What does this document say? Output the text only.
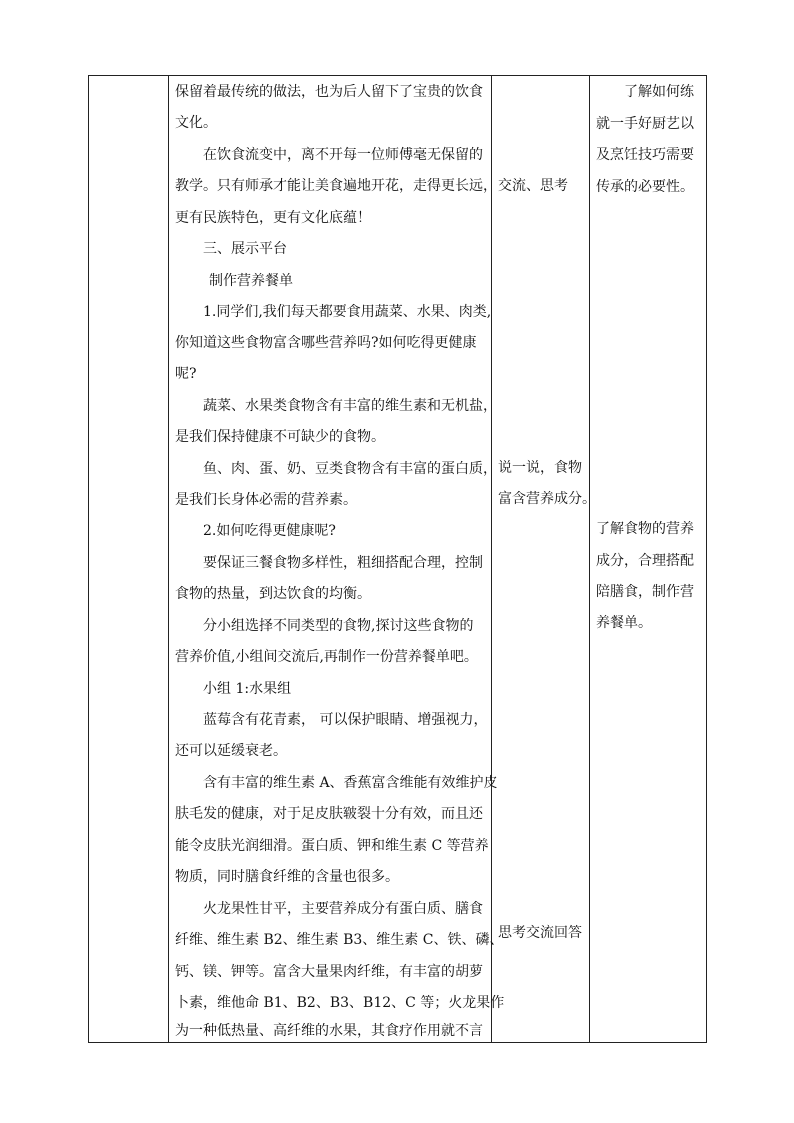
保留着最传统的做法，也为后人留下了宝贵的饮食
文化。
在饮食流变中，离不开每一位师傅毫无保留的
教学。只有师承才能让美食遍地开花，走得更长远，
更有民族特色，更有文化底蕴！
三、展示平台
制作营养餐单
1.同学们,我们每天都要食用蔬菜、水果、肉类,
你知道这些食物富含哪些营养吗?如何吃得更健康
呢?
蔬菜、水果类食物含有丰富的维生素和无机盐，
是我们保持健康不可缺少的食物。
鱼、肉、蛋、奶、豆类食物含有丰富的蛋白质，
是我们长身体必需的营养素。
2.如何吃得更健康呢?
要保证三餐食物多样性，粗细搭配合理，控制
食物的热量，到达饮食的均衡。
分小组选择不同类型的食物,探讨这些食物的
营养价值,小组间交流后,再制作一份营养餐单吧。
小组 1:水果组
蓝莓含有花青素， 可以保护眼睛、增强视力，
还可以延缓衰老。
含有丰富的维生素 A、香蕉富含维能有效维护皮
肤毛发的健康，对于足皮肤皲裂十分有效，而且还
能令皮肤光润细滑。蛋白质、钾和维生素 C 等营养
物质，同时膳食纤维的含量也很多。
火龙果性甘平，主要营养成分有蛋白质、膳食
纤维、维生素 B2、维生素 B3、维生素 C、铁、磷、
钙、镁、钾等。富含大量果肉纤维，有丰富的胡萝
卜素，维他命 B1、B2、B3、B12、C 等；火龙果作
为一种低热量、高纤维的水果，其食疗作用就不言
交流、思考
说一说，食物
富含营养成分。
思考交流回答
了解如何练
就一手好厨艺以
及烹饪技巧需要
传承的必要性。
了解食物的营养
成分，合理搭配
陪膳食，制作营
养餐单。
